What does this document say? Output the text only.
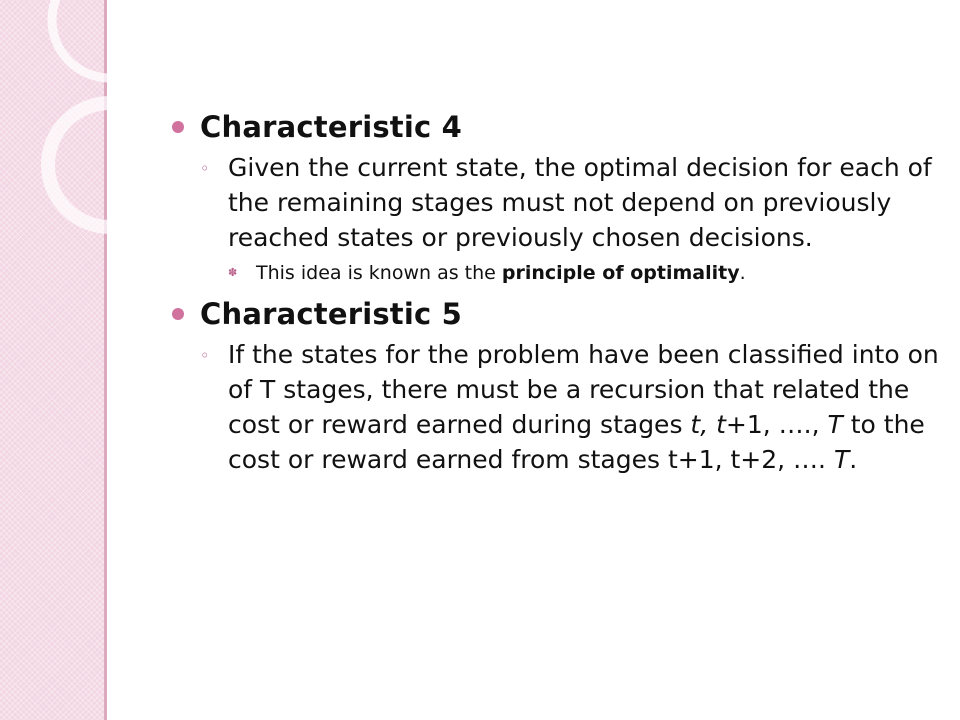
Characteristic 4
◦ Given the current state, the optimal decision for each of the remaining stages must not depend on previously reached states or previously chosen decisions.
✽ This idea is known as the principle of optimality.
Characteristic 5
◦ If the states for the problem have been classified into on of T stages, there must be a recursion that related the cost or reward earned during stages t, t+1, …., T to the cost or reward earned from stages t+1, t+2, …. T.
